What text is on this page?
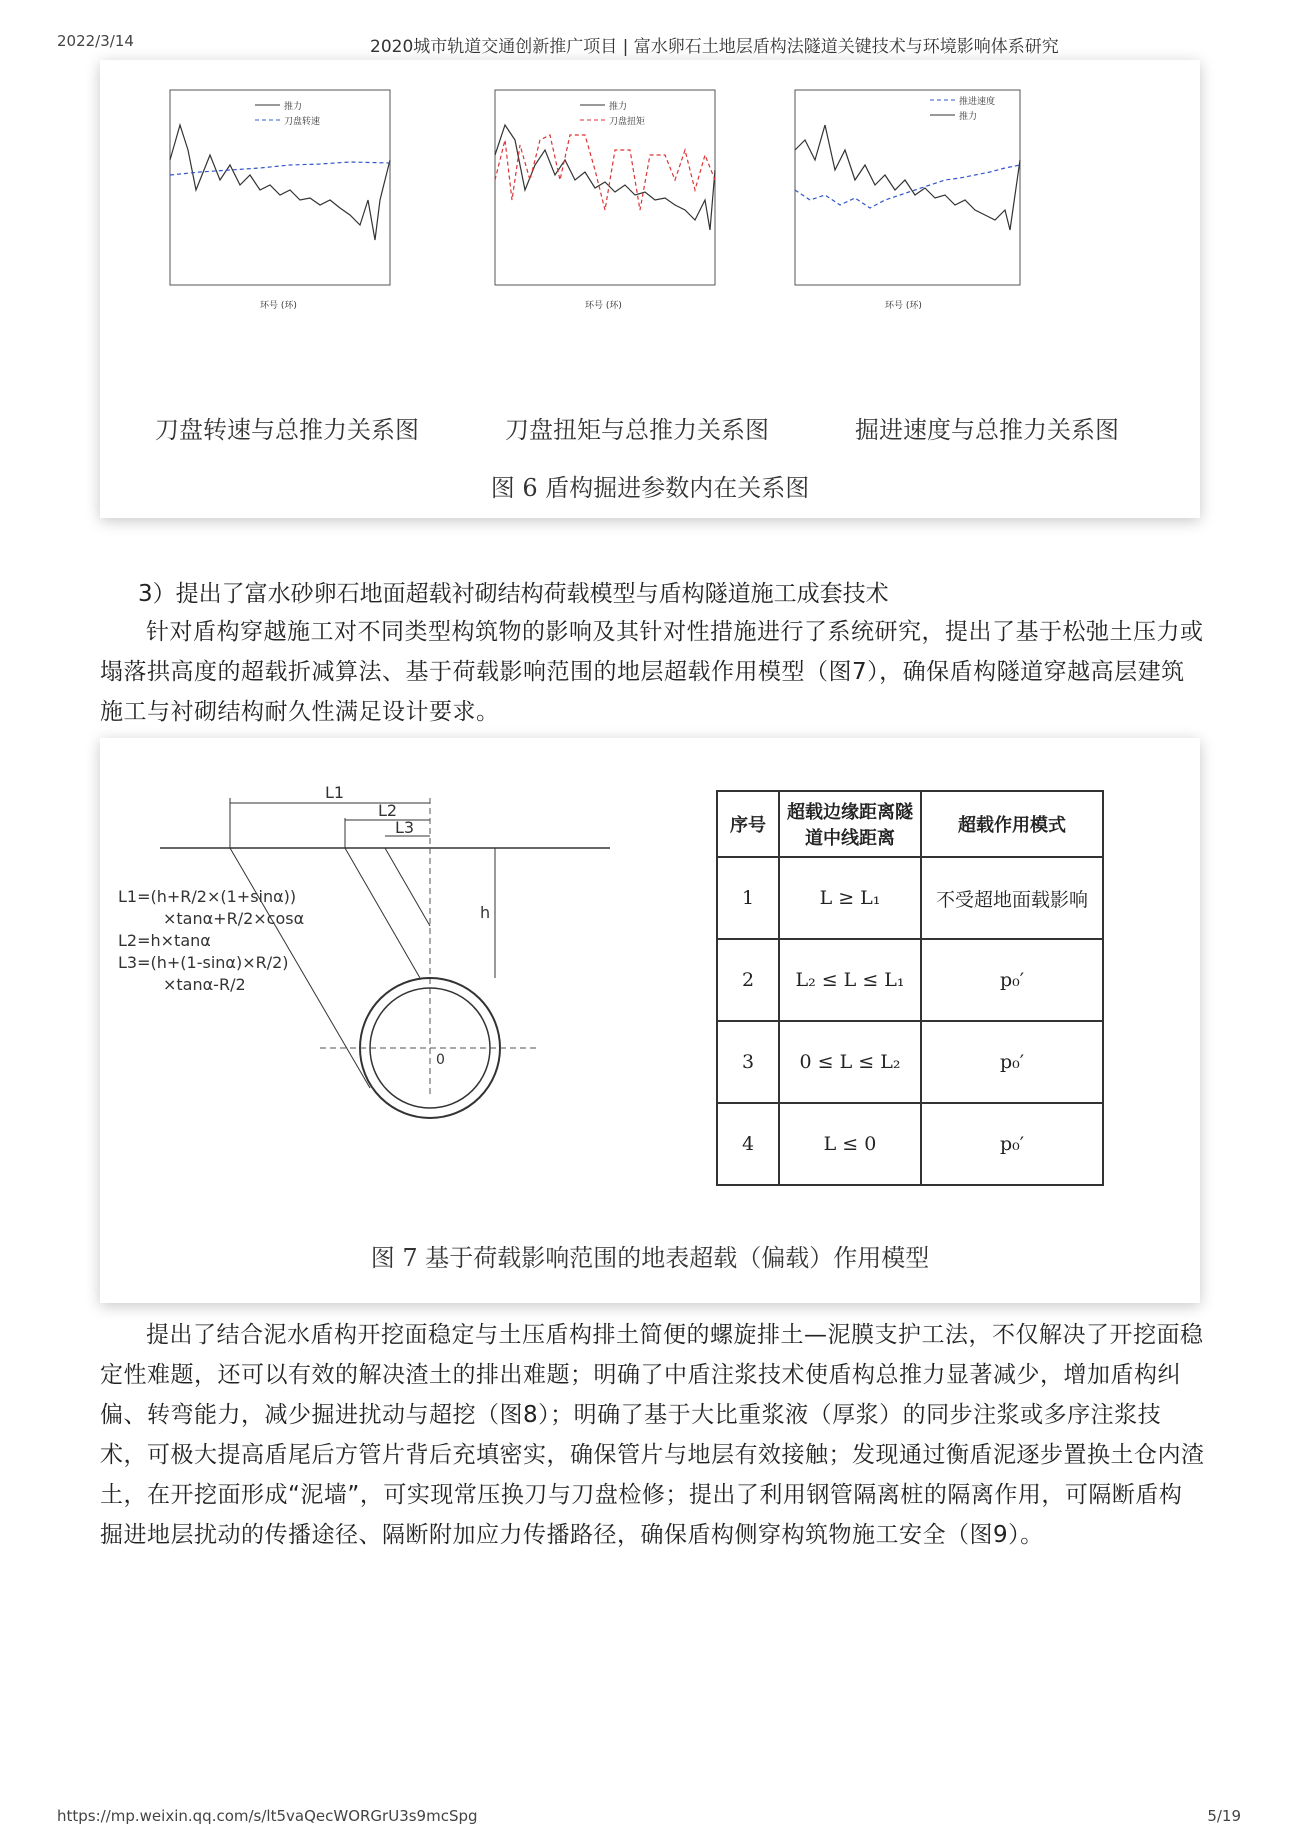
2022/3/14	2020城市轨道交通创新推广项目 | 富水卵石土地层盾构法隧道关键技术与环境影响体系研究
推力
刀盘转速
环号 (环)
推力
刀盘扭矩
环号 (环)
推进速度
推力
环号 (环)
刀盘转速与总推力关系图	刀盘扭矩与总推力关系图	掘进速度与总推力关系图
图 6 盾构掘进参数内在关系图
3）提出了富水砂卵石地面超载衬砌结构荷载模型与盾构隧道施工成套技术
针对盾构穿越施工对不同类型构筑物的影响及其针对性措施进行了系统研究，提出了基于松弛土压力或塌落拱高度的超载折减算法、基于荷载影响范围的地层超载作用模型（图7），确保盾构隧道穿越高层建筑施工与衬砌结构耐久性满足设计要求。
L1
L2
L3
h
0
L1=(h+R/2×(1+sinα))
×tanα+R/2×cosα
L2=h×tanα
L3=(h+(1-sinα)×R/2)
×tanα-R/2
序号	超载边缘距离隧道中线距离	超载作用模式
1	L ≥ L₁	不受超地面载影响
2	L₂ ≤ L ≤ L₁	p₀′
3	0 ≤ L ≤ L₂	p₀′
4	L ≤ 0	p₀′
图 7 基于荷载影响范围的地表超载（偏载）作用模型
提出了结合泥水盾构开挖面稳定与土压盾构排土简便的螺旋排土—泥膜支护工法，不仅解决了开挖面稳定性难题，还可以有效的解决渣土的排出难题；明确了中盾注浆技术使盾构总推力显著减少，增加盾构纠偏、转弯能力，减少掘进扰动与超挖（图8）；明确了基于大比重浆液（厚浆）的同步注浆或多序注浆技术，可极大提高盾尾后方管片背后充填密实，确保管片与地层有效接触；发现通过衡盾泥逐步置换土仓内渣土，在开挖面形成“泥墙”，可实现常压换刀与刀盘检修；提出了利用钢管隔离桩的隔离作用，可隔断盾构掘进地层扰动的传播途径、隔断附加应力传播路径，确保盾构侧穿构筑物施工安全（图9）。
https://mp.weixin.qq.com/s/lt5vaQecWORGrU3s9mcSpg	5/19
